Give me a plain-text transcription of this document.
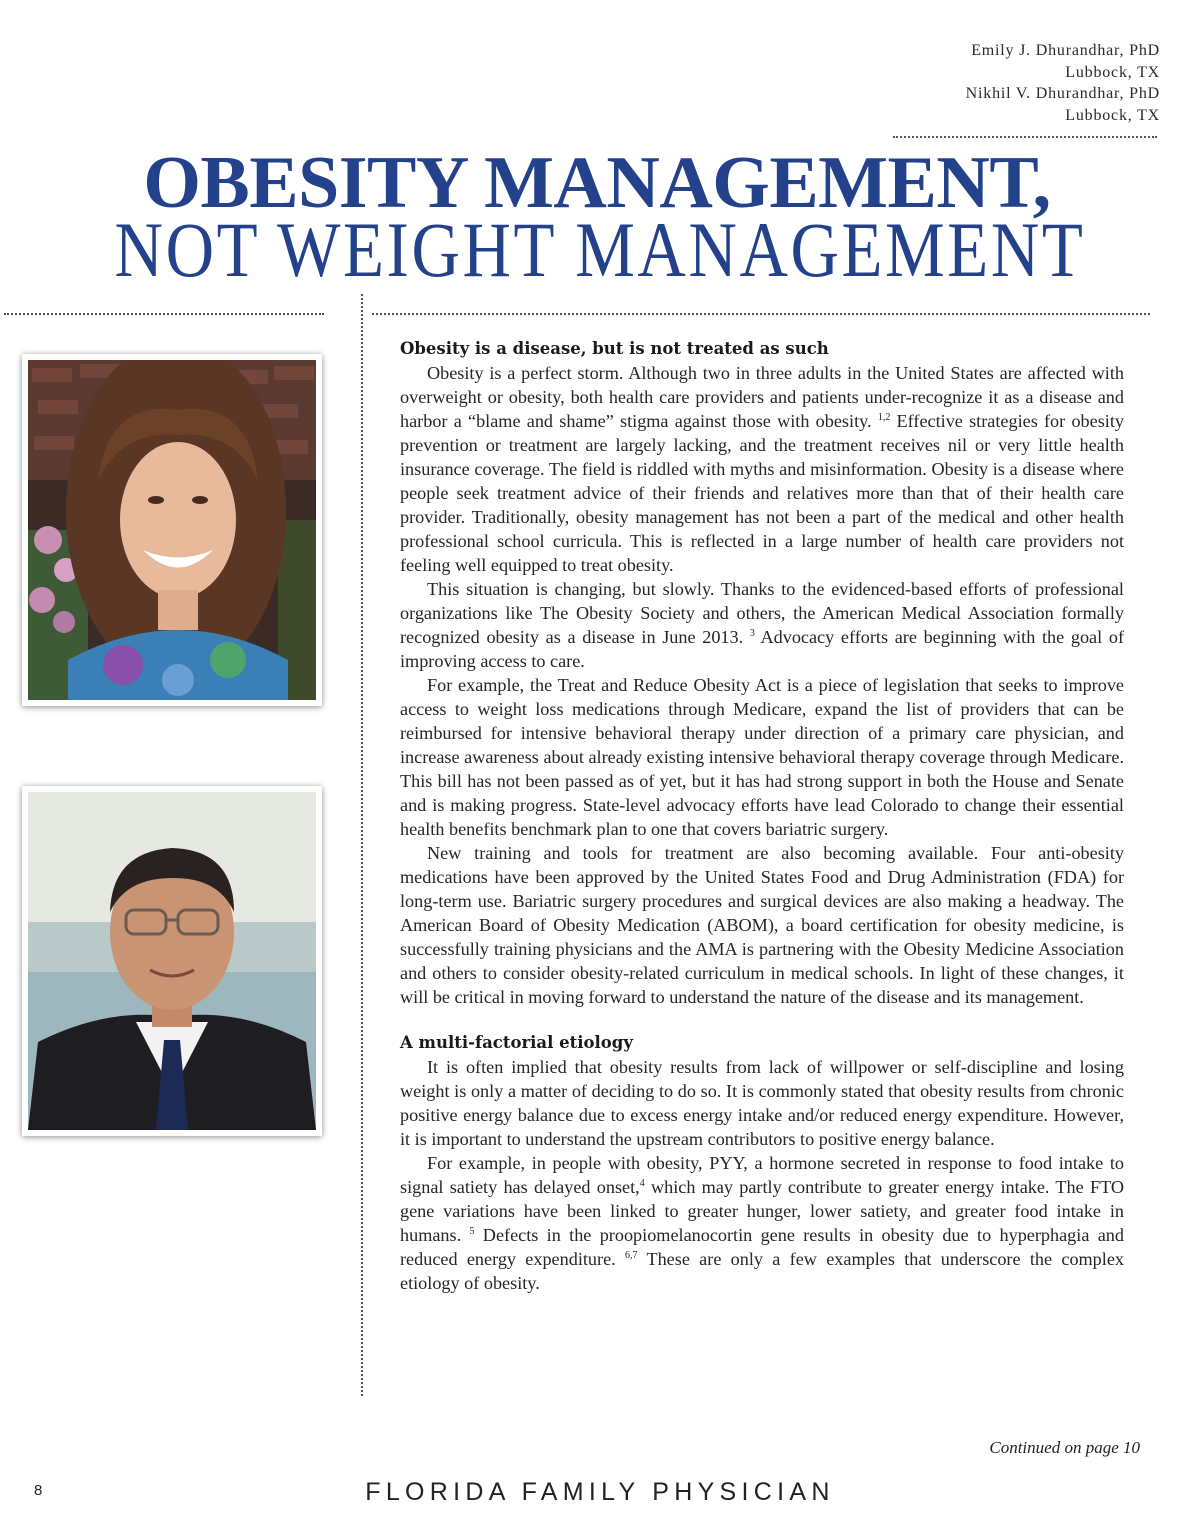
Emily J. Dhurandhar, PhD
Lubbock, TX
Nikhil V. Dhurandhar, PhD
Lubbock, TX
OBESITY MANAGEMENT,
NOT WEIGHT MANAGEMENT
Obesity is a disease, but is not treated as such

Obesity is a perfect storm. Although two in three adults in the United States are affected with overweight or obesity, both health care providers and patients under-recognize it as a disease and harbor a “blame and shame” stigma against those with obesity. $^{1,2}$ Effective strategies for obesity prevention or treatment are largely lacking, and the treatment receives nil or very little health insurance coverage. The field is riddled with myths and misinformation. Obesity is a disease where people seek treatment advice of their friends and relatives more than that of their health care provider. Traditionally, obesity management has not been a part of the medical and other health professional school curricula. This is reflected in a large number of health care providers not feeling well equipped to treat obesity.

This situation is changing, but slowly. Thanks to the evidenced-based efforts of professional organizations like The Obesity Society and others, the American Medical Association formally recognized obesity as a disease in June 2013. $^3$ Advocacy efforts are beginning with the goal of improving access to care.

For example, the Treat and Reduce Obesity Act is a piece of legislation that seeks to improve access to weight loss medications through Medicare, expand the list of providers that can be reimbursed for intensive behavioral therapy under direction of a primary care physician, and increase awareness about already existing intensive behavioral therapy coverage through Medicare. This bill has not been passed as of yet, but it has had strong support in both the House and Senate and is making progress. State-level advocacy efforts have lead Colorado to change their essential health benefits benchmark plan to one that covers bariatric surgery.

New training and tools for treatment are also becoming available. Four anti-obesity medications have been approved by the United States Food and Drug Administration (FDA) for long-term use. Bariatric surgery procedures and surgical devices are also making a headway. The American Board of Obesity Medication (ABOM), a board certification for obesity medicine, is successfully training physicians and the AMA is partnering with the Obesity Medicine Association and others to consider obesity-related curriculum in medical schools. In light of these changes, it will be critical in moving forward to understand the nature of the disease and its management.

A multi-factorial etiology

It is often implied that obesity results from lack of willpower or self-discipline and losing weight is only a matter of deciding to do so. It is commonly stated that obesity results from chronic positive energy balance due to excess energy intake and/or reduced energy expenditure. However, it is important to understand the upstream contributors to positive energy balance.

For example, in people with obesity, PYY, a hormone secreted in response to food intake to signal satiety has delayed onset,$^4$ which may partly contribute to greater energy intake. The FTO gene variations have been linked to greater hunger, lower satiety, and greater food intake in humans. $^5$ Defects in the proopiomelanocortin gene results in obesity due to hyperphagia and reduced energy expenditure. $^{6,7}$ These are only a few examples that underscore the complex etiology of obesity.

Continued on page 10
8	FLORIDA FAMILY PHYSICIAN
